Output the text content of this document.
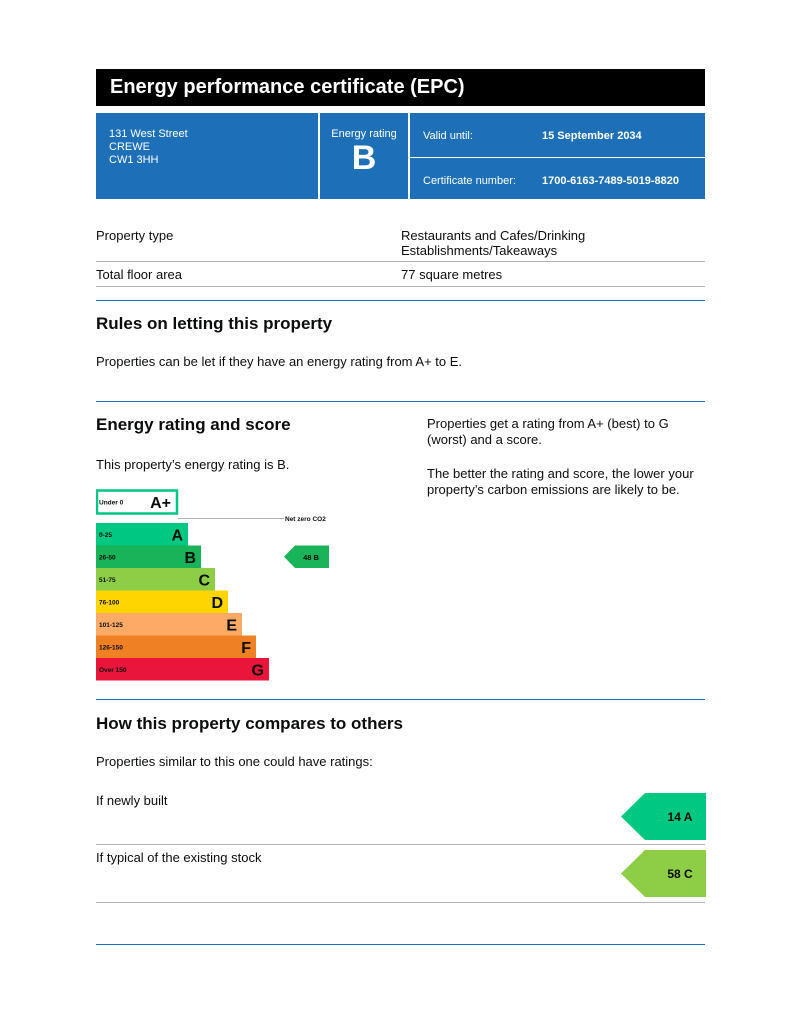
Energy performance certificate (EPC)
131 West Street
CREWE
CW1 3HH
Energy rating
B
Valid until:	15 September 2034
Certificate number: 1700-6163-7489-5019-8820
Property type	Restaurants and Cafes/Drinking
Establishments/Takeaways
Total floor area	77 square metres
Rules on letting this property
Properties can be let if they have an energy rating from A+ to E.
Energy rating and score
This property’s energy rating is B.
Properties get a rating from A+ (best) to G
(worst) and a score.
The better the rating and score, the lower your
property’s carbon emissions are likely to be.
Under 0 A+
0-25	A
26-50	B
51-75	C
76-100	D
101-125	E
126-150	F
Over 150	G
Net zero CO2
48 B
How this property compares to others
Properties similar to this one could have ratings:
If newly built
14 A
If typical of the existing stock
58 C
